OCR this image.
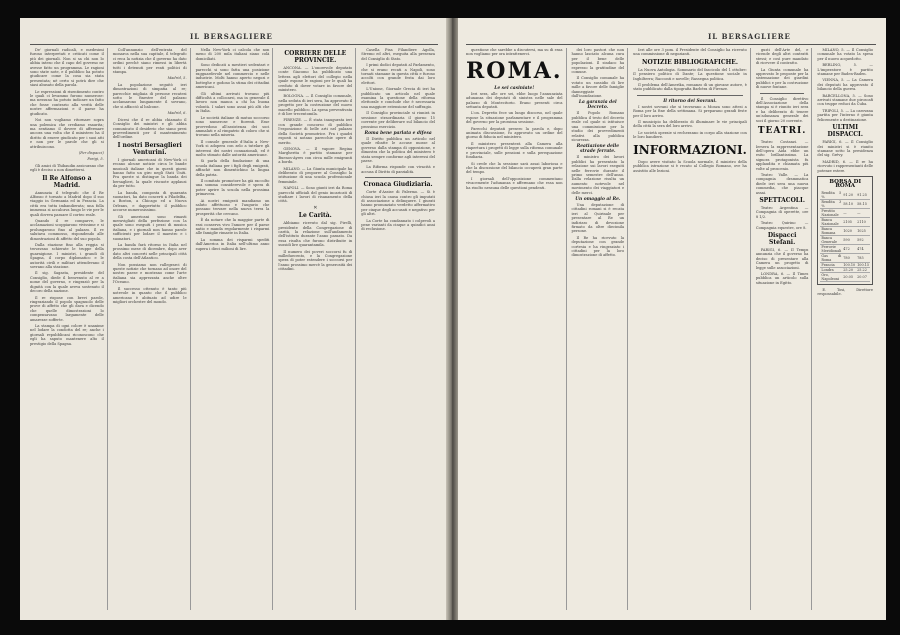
IL BERSAGLIERE

De' giornali radicali, e medesimi furono interpretati e criticati come il più dei giornali. Non si sa chi non lo abbia inteso che il capo del governo ne avesse fatto un programma. Le ragioni sono state note, e il pubblico ha potuto giudicare come la cosa sia stata presentata; nè certo si potrà dire che siasi abusato della parola.

Le espressioni di risentimento contro le quali ci levammo furono numerose: ma nessuno ha potuto indicare un fatto che fosse contrario alla verità delle nostre affermazioni e il paese ha giudicato.

Noi non vogliamo ritornare sopra una polemica che crediamo esaurita; ma sentiamo il dovere di affermare ancora una volta che il ministero ha il diritto di essere giudicato per i suoi atti e non per le parole che gli si attribuiscono.

(Per dispacci)

Parigi, 5.

Gli amici di Thibaudin assicurano che egli è deciso a non dimettersi.

Il Re Alfonso a Madrid.

Annunzia il telegrafo che il Re Alfonso è tornato a Madrid dopo il suo viaggio in Germania ed in Francia. La città era tutta imbandierata; una folla immensa si accalcava lungo le vie per le quali doveva passare il corteo reale.

Quando il re comparve, le acclamazioni scoppiarono vivissime e si prolungarono fino al palazzo. Il re salutava commosso, rispondendo alle dimostrazioni di affetto del suo popolo.

Dalla stazione fino alla reggia si trovavano schierate le truppe della guarnigione. I ministri, i grandi di Spagna, il corpo diplomatico e le autorità civili e militari attendevano il sovrano alla stazione.

Il sig. Sagasta, presidente del Consiglio, diede il benvenuto al re a nome del governo, e ringraziò per la dignità con la quale aveva sostenuto il decoro della nazione.

Il re rispose con brevi parole, ringraziando il popolo spagnuolo delle prove di affetto che gli dava e dicendo che quelle dimostrazioni lo compensavano largamente delle amarezze sofferte.

La stampa di ogni colore è unanime nel lodare la condotta del re; anche i giornali repubblicani riconoscono che egli ha saputo mantenere alto il prestigio della Spagna.

Coll'annunzio dell'entrata del monarca nella sua capitale, il telegrafo ci reca la notizia che il governo ha dato ordini perchè siano rimessi in libertà tutti i detenuti per reati politici di stampa.

Madrid, 5.

La popolazione seguitò ieri dimostrazioni di simpatia al re; parecchie migliaia di persone recatesi sotto le finestre del palazzo acclamarono lungamente il sovrano, che si affacciò al balcone.

Madrid, 6.

Dicesi che il re abbia chiamato il Consiglio dei ministri e gli abbia comunicato il desiderio che siano presi provvedimenti per il mantenimento dell'ordine.

I nostri Bersaglieri Venturini.

I giornali americani di New-York ci recano alcune notizie circa le bande musicali italiane che in questi giorni hanno fatto un giro negli Stati Uniti. Fra queste si distingue la banda dei bersaglieri, la quale riscuote applausi da per tutto.

La banda, composta di quaranta suonatori, ha dato concerti a Filadelfia, a Boston, a Chicago ed a Nuova Orleans, e dappertutto il pubblico accorse numerosissimo.

Gli americani sono rimasti meravigliati della perfezione con la quale sono eseguiti i pezzi di musica italiana, e i giornali non hanno parole sufficienti per lodare il maestro e i suonatori.

La banda farà ritorno in Italia nel prossimo mese di dicembre, dopo aver dato altri concerti nelle principali città della costa dell'Atlantico.

Non possiamo non rallegrarci di queste notizie che tornano ad onore del nostro paese e mostrano come l'arte italiana sia apprezzata anche oltre l'Oceano.

Il successo ottenuto è tanto più notevole in quanto che il pubblico americano è abituato ad udire le migliori orchestre del mondo.

Nella New-York ci calcola che non meno di 200 mila italiani siano colà domiciliati.

Sono dedicati a mestieri sedentari e parecchi si sono fatta una posizione ragguardevole nel commercio e nelle industrie. Molti hanno aperto negozi e botteghe e godono la stima dei cittadini americani.

Gli ultimi arrivati trovano più difficoltà a collocarsi, ma in generale il lavoro non manca a chi ha buona volontà. I salari sono assai più alti che in Italia.

Le società italiane di mutuo soccorso sono numerose e fiorenti. Esse provvedono all'assistenza dei soci ammalati e al rimpatrio di coloro che si trovano nella miseria.

Il console generale d'Italia a New-York si adopera con zelo a tutelare gli interessi dei nostri connazionali, ed è molto stimato dalle autorità americane.

Si parla della fondazione di una scuola italiana per i figli degli emigrati, affinchè non dimentichino la lingua della patria.

Il comitato promotore ha già raccolto una somma considerevole e spera di poter aprire la scuola nella prossima primavera.

Ai nostri emigrati mandiamo un saluto affettuoso e l'augurio che possano trovare nella nuova terra la prosperità che cercano.

È da notare che la maggior parte di essi conserva vivo l'amore per il paese natio e manda regolarmente i risparmi alle famiglie rimaste in Italia.

La somma dei risparmi spediti dall'America in Italia nell'ultimo anno supera i dieci milioni di lire.

CORRIERE DELLE PROVINCIE.

ANCONA. — L'onorevole deputato conte Giacomo ha pubblicato una lettera agli elettori del collegio nella quale espone le ragioni per le quali ha creduto di dover votare in favore del ministero.

BOLOGNA. — Il Consiglio comunale, nella seduta di ieri sera, ha approvato il progetto per la costruzione del nuovo macello pubblico. La spesa preventivata è di lire trecentomila.

FIRENZE. — È stata inaugurata ieri con grande concorso di pubblico l'esposizione di belle arti nel palazzo della Società promotrice. Fra i quadri esposti si notano parecchie opere di merito.

GENOVA. — Il vapore Regina Margherita è partito stamane per Buenos-Ayres con circa mille emigranti a bordo.

MILANO. — La Giunta municipale ha deliberato di proporre al Consiglio la istituzione di una scuola professionale femminile.

NAPOLI. — Sono giunti ieri da Roma parecchi ufficiali del genio incaricati di studiare i lavori di risanamento della città.

✕
Le Carità.

Abbiamo ricevuto dal sig. Pirelli, presidente della Congregazione di carità, la relazione sull'andamento dell'istituto durante l'anno passato. Da essa risulta che furono distribuite in sussidi lire quarantamila.

Il numero dei poveri soccorsi fu di milleduecento, e la Congregazione spera di poter estendere i soccorsi per l'anno prossimo mercè la generosità dei cittadini.

Casella Pisa Filandiere Agolla, Stremo ed altri, eseguita alla presenza del Consiglio di Stato.

I primi dodici deputati al Parlamento, che si erano recati a Napoli, sono tornati stamane in questa città e furono accolti con grande festa dai loro elettori.

L'Unione, Giornale Grecia di ieri ha pubblicato un articolo nel quale esamina la questione della riforma elettorale e conclude che è necessaria una maggiore estensione del suffragio.

Il Consiglio provinciale si riunirà in sessione straordinaria il giorno 15 corrente per deliberare sul bilancio del prossimo esercizio.

Roma bene parlata e difesa

Il Diritto pubblica un articolo nel quale ribatte le accuse mosse al governo dalla stampa di opposizione, e dimostra che la politica del ministero è stata sempre conforme agli interessi del paese.

La Riforma risponde con vivacità e accusa il Diritto di parzialità.

Cronaca Giudiziaria.

Corte d'Assise di Palermo. — Si è chiusa ieri la causa contro gli imputati di associazione a delinquere. I giurati hanno pronunziato verdetto affermativo per cinque degli accusati e negativo per gli altri.

La Corte ha condannato i colpevoli a pene varianti da cinque a quindici anni di reclusione.

IL BERSAGLIERE

questione che sarebbe a discutersi, ma su di essa non vogliamo per ora intrattenerci.

ROMA.
Le sei casiniate!

Ieri sera, alle ore sei, ebbe luogo l'annunziata adunanza dei deputati di sinistra nelle sale del palazzo di Montecitorio. Erano presenti circa settanta deputati.

L'on. Depretis fece un lungo discorso, nel quale espose la situazione parlamentare e il programma del governo per la prossima sessione.

Parecchi deputati presero la parola e, dopo animata discussione, fu approvato un ordine del giorno di fiducia nel ministero.

Il ministero presenterà alla Camera alla riapertura i progetti di legge sulla riforma comunale e provinciale, sulle pensioni e sulla perequazione fondiaria.

Si crede che la sessione sarà assai laboriosa e che la discussione del bilancio occuperà gran parte del tempo.

I giornali dell'opposizione commentano vivacemente l'adunanza e affermano che essa non ha risolto nessuna delle questioni pendenti.

dei loro pastori che non hanno lasciato alcuna cura per il bene delle popolazioni. Il sindaco ha espresso la gratitudine del comune.

Il Consiglio comunale ha votato un sussidio di lire mille a favore delle famiglie danneggiate dall'inondazione.

La garanzia del Decreto.

Il Popolo Romano pubblica il testo del decreto reale col quale si istituisce una commissione per lo studio dei provvedimenti relativi alla pubblica sicurezza.

Reatiazione delle strade ferrate.

Il ministro dei lavori pubblici ha presentato la relazione sui lavori eseguiti nelle ferrovie durante il primo semestre dell'anno. Dalla relazione risulta un aumento notevole nel movimento dei viaggiatori e delle merci.

Un omaggio al Re.

Una deputazione di cittadini romani si è recata ieri al Quirinale per presentare al Re un indirizzo di devozione firmato da oltre diecimila persone.

Il Re ha ricevuto la deputazione con grande cortesia e ha ringraziato i cittadini per la loro dimostrazione di affetto.

Ieri alle ore 3 pom. il Presidente del Consiglio ha ricevuto una commissione di negozianti.

NOTIZIE BIBLIOGRAFICHE.

La Nuova Antologia. Sommario del fascicolo del 1 ottobre: Il pensiero politico di Dante; La questione sociale in Inghilterra; Racconti e novelle; Rassegna politica.

Il problema dell'Amerika, romanzo di un giovane autore, è stato pubblicato dalla tipografia Barbèra di Firenze.

Il ritorno dei Sovrani.

I nostri sovrani che si trovavano a Monza sono attesi a Roma per la fine della settimana. Si preparano grandi feste per il loro arrivo.

Il municipio ha deliberato di illuminare le vie principali della città la sera del loro arrivo.

Le società operaie si recheranno in corpo alla stazione con le loro bandiere.

INFORMAZIONI.

Dopo avere visitato la Scuola normale, il ministro della pubblica istruzione si è recato al Collegio Romano, ove ha assistito alle lezioni.

gusti dell'Arte del, e vicende degli altri contratti stessi; e così pure mandato di ricevere il contratto.

La Giunta comunale ha approvato le proposte per la sistemazione dei giardini pubblici e per la costruzione di nuove fontane.

Il Consiglio direttivo dell'Associazione della stampa si è riunito ieri sera e ha deliberato di tenere un'adunanza generale dei soci il giorno 20 corrente.

TEATRI.

Teatro Costanzi. — Iersera la rappresentazione dell'opera Aida ebbe un esito brillantissimo. La signora protagonista fu applaudita e chiamata più volte al proscenio.

Teatro Valle. — La compagnia drammatica diede ieri sera una nuova commedia, che piacque assai.

SPETTACOLI.

Teatro Argentina — Compagnia di operette, ore 8 1/2.

Teatro Quirino — Compagnia equestre, ore 8.

Dispacci Stefani.

PARIGI, 6. — Il Temps annunzia che il governo ha deciso di presentare alla Camera un progetto di legge sulle associazioni.

LONDRA, 6. — Il Times pubblica un articolo sulla situazione in Egitto.

MILANO, 5. — Il Consiglio comunale ha votato la spesa per il nuovo acquedotto.

BERLINO, 5. — L'imperatore è partito stamane per Baden-Baden.

VIENNA, 5. — La Camera dei deputati ha approvato il bilancio della guerra.

BARCELLONA, 5. — Sono arrivati stamane due piroscafi con truppe reduci da Cuba.

TRIPOLI, 5. — La carovana partita per l'interno è giunta felicemente a destinazione.

ULTIMI DISPACCI.

PARIGI, 6. — Il Consiglio dei ministri si è riunito stamane sotto la presidenza del sig. Grévy.

MADRID, 6. — Il re ha ricevuto i rappresentanti delle potenze estere.

BORSA DI ROMA
Rendita 5 %	91.20	91.25
Rendita 3 %	58.10	58.15
Prestito Nazionale	—	—
Banca Nazionale	2105	2110
Banca Romana	1020	1025
Banca Generale	590	592
Ferrovie Meridionali	472	474
Gas di Roma	780	785
Francia	100.10	100.15
Londra	25.20	25.22
Oro, Napoleoni	20.05	20.07

E. Tosi, Direttore responsabile.
